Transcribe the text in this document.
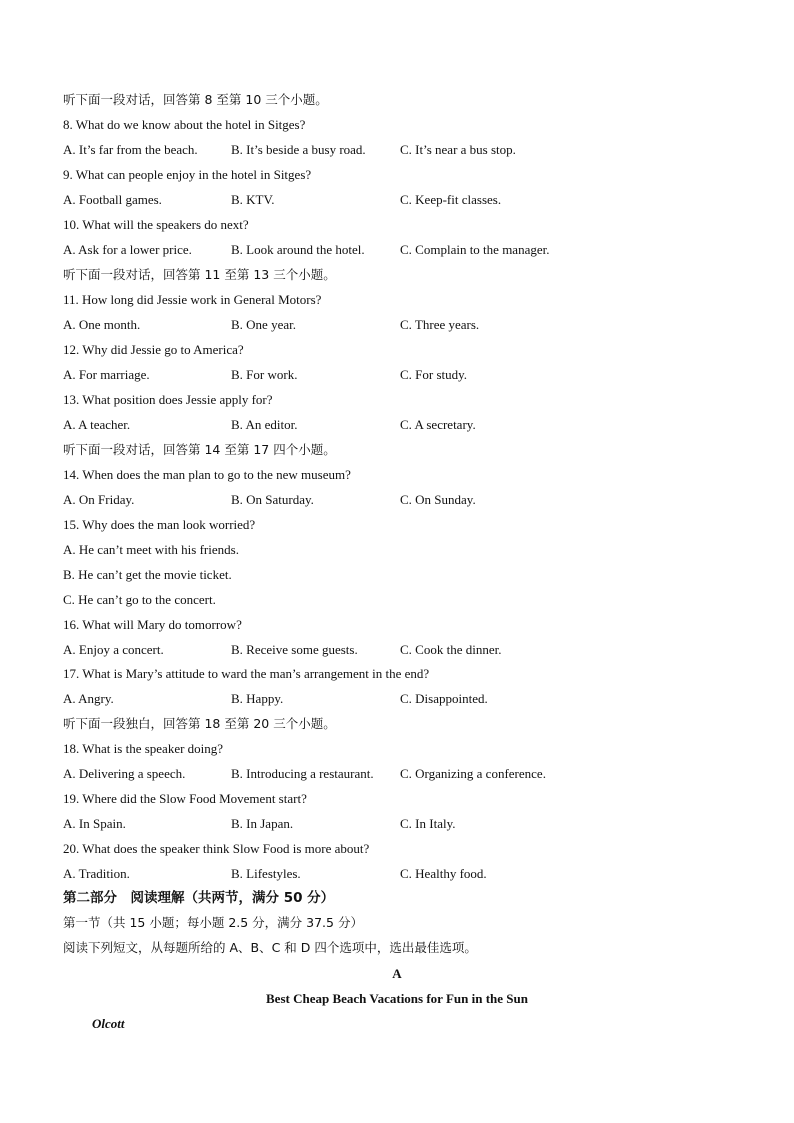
听下面一段对话，回答第 8 至第 10 三个小题。
8. What do we know about the hotel in Sitges?
A. It’s far from the beach.	B. It’s beside a busy road.	C. It’s near a bus stop.
9. What can people enjoy in the hotel in Sitges?
A. Football games.	B. KTV.	C. Keep-fit classes.
10. What will the speakers do next?
A. Ask for a lower price.	B. Look around the hotel.	C. Complain to the manager.
听下面一段对话，回答第 11 至第 13 三个小题。
11. How long did Jessie work in General Motors?
A. One month.	B. One year.	C. Three years.
12. Why did Jessie go to America?
A. For marriage.	B. For work.	C. For study.
13. What position does Jessie apply for?
A. A teacher.	B. An editor.	C. A secretary.
听下面一段对话，回答第 14 至第 17 四个小题。
14. When does the man plan to go to the new museum?
A. On Friday.	B. On Saturday.	C. On Sunday.
15. Why does the man look worried?
A. He can’t meet with his friends.
B. He can’t get the movie ticket.
C. He can’t go to the concert.
16. What will Mary do tomorrow?
A. Enjoy a concert.	B. Receive some guests.	C. Cook the dinner.
17. What is Mary’s attitude to ward the man’s arrangement in the end?
A. Angry.	B. Happy.	C. Disappointed.
听下面一段独白，回答第 18 至第 20 三个小题。
18. What is the speaker doing?
A. Delivering a speech.	B. Introducing a restaurant. C. Organizing a conference.
19. Where did the Slow Food Movement start?
A. In Spain.	B. In Japan.	C. In Italy.
20. What does the speaker think Slow Food is more about?
A. Tradition.	B. Lifestyles.	C. Healthy food.
第二部分　阅读理解（共两节，满分 50 分）
第一节（共 15 小题；每小题 2.5 分，满分 37.5 分）
阅读下列短文，从每题所给的 A、B、C 和 D 四个选项中，选出最佳选项。
A
Best Cheap Beach Vacations for Fun in the Sun
Olcott
